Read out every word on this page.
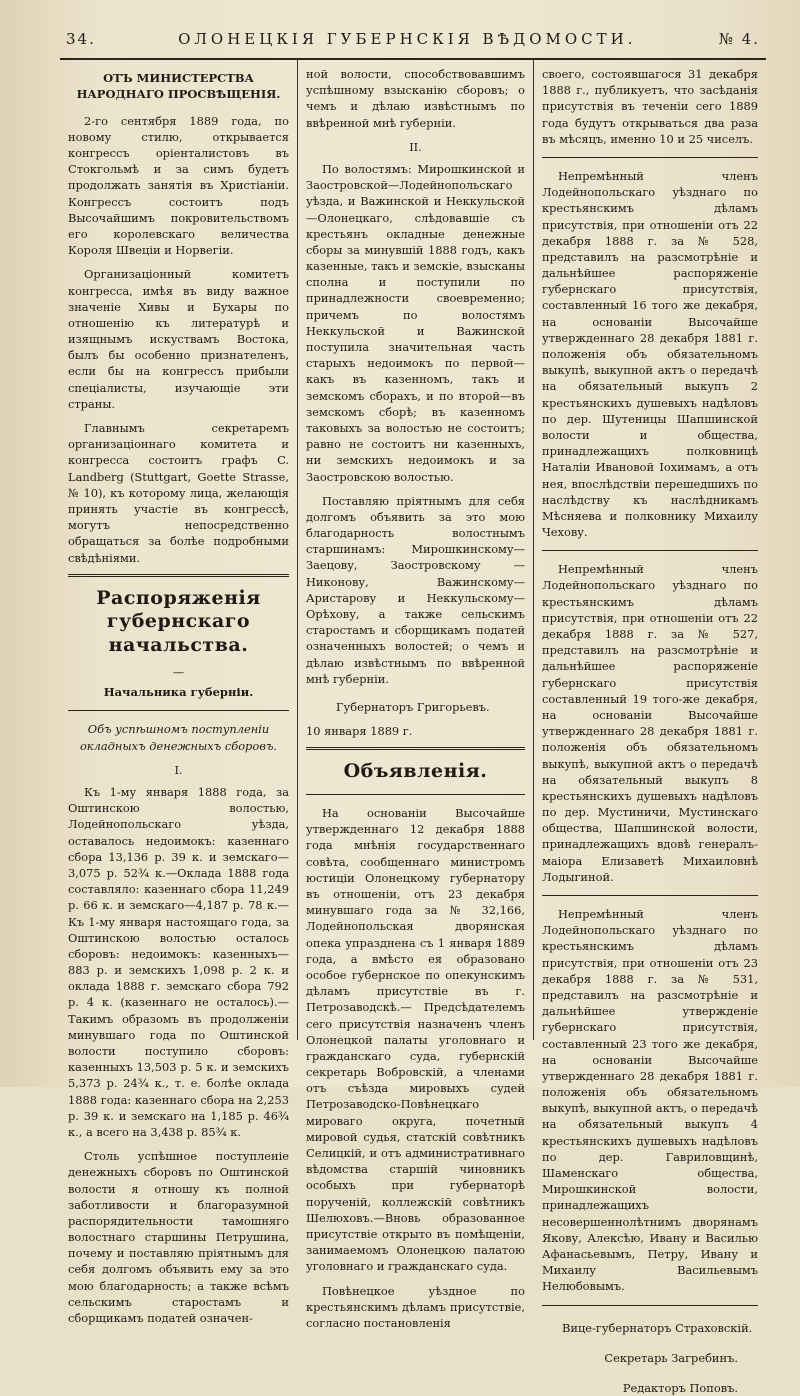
34.	ОЛОНЕЦКІЯ ГУБЕРНСКІЯ ВѢДОМОСТИ.	№ 4.

ОТЪ МИНИСТЕРСТВА НАРОДНАГО ПРОСВѢЩЕНІЯ.

2-го сентября 1889 года, по новому стилю, открывается конгрессъ оріенталистовъ въ Стокгольмѣ и за симъ будетъ продолжать занятія въ Христіаніи. Конгрессъ состоитъ подъ Высочайшимъ покровительствомъ его королевскаго величества Короля Швеціи и Норвегіи.

Организаціонный комитетъ конгресса, имѣя въ виду важное значеніе Хивы и Бухары по отношенію къ литературѣ и изящнымъ искуствамъ Востока, былъ бы особенно признателенъ, если бы на конгрессъ прибыли спеціалисты, изучающіе эти страны.

Главнымъ секретаремъ организаціоннаго комитета и конгресса состоитъ графъ C. Landberg (Stuttgart, Goette Strasse, № 10), къ которому лица, желающія принять участіе въ конгрессѣ, могутъ непосредственно обращаться за болѣе подробными свѣдѣніями.

Распоряженія губернскаго начальства.

—

Начальника губерніи.

Объ успѣшномъ поступленіи окладныхъ денежныхъ сборовъ.

I.

Къ 1-му января 1888 года, за Оштинскою волостью, Лодейнопольскаго уѣзда, оставалось недоимокъ: казеннаго сбора 13,136 р. 39 к. и земскаго—3,075 р. 52¾ к.—Оклада 1888 года составляло: казеннаго сбора 11,249 р. 66 к. и земскаго—4,187 р. 78 к.— Къ 1-му января настоящаго года, за Оштинскою волостью осталось сборовъ: недоимокъ: казенныхъ—883 р. и земскихъ 1,098 р. 2 к. и оклада 1888 г. земскаго сбора 792 р. 4 к. (казеннаго не осталось).—Такимъ образомъ въ продолженіи минувшаго года по Оштинской волости поступило сборовъ: казенныхъ 13,503 р. 5 к. и земскихъ 5,373 р. 24¾ к., т. е. болѣе оклада 1888 года: казеннаго сбора на 2,253 р. 39 к. и земскаго на 1,185 р. 46¾ к., а всего на 3,438 р. 85¾ к.

Столь успѣшное поступленіе денежныхъ сборовъ по Оштинской волости я отношу къ полной заботливости и благоразумной распорядительности тамошняго волостнаго старшины Петрушина, почему и поставляю пріятнымъ для себя долгомъ объявить ему за это мою благодарность; а также всѣмъ сельскимъ старостамъ и сборщикамъ податей означен-

ной волости, способствовавшимъ успѣшному взысканію сборовъ; о чемъ и дѣлаю извѣстнымъ по ввѣренной мнѣ губерніи.

II.

По волостямъ: Мирошкинской и Заостровской—Лодейнопольскаго уѣзда, и Важинской и Неккульской—Олонецкаго, слѣдовавшіе съ крестьянъ окладные денежные сборы за минувшій 1888 годъ, какъ казенные, такъ и земскіе, взысканы сполна и поступили по принадлежности своевременно; причемъ по волостямъ Неккульской и Важинской поступила значительная часть старыхъ недоимокъ по первой—какъ въ казенномъ, такъ и земскомъ сборахъ, и по второй—въ земскомъ сборѣ; въ казенномъ таковыхъ за волостью не состоитъ; равно не состоитъ ни казенныхъ, ни земскихъ недоимокъ и за Заостровскою волостью.

Поставляю пріятнымъ для себя долгомъ объявить за это мою благодарность волостнымъ старшинамъ: Мирошкинскому—Заецову, Заостровскому — Никонову, Важинскому—Аристарову и Неккульскому—Орѣхову, а также сельскимъ старостамъ и сборщикамъ податей означенныхъ волостей; о чемъ и дѣлаю извѣстнымъ по ввѣренной мнѣ губерніи.

Губернаторъ Григорьевъ.

10 января 1889 г.

Объявленія.

На основаніи Высочайше утвержденнаго 12 декабря 1888 года мнѣнія государственнаго совѣта, сообщеннаго министромъ юстиціи Олонецкому губернатору въ отношеніи, отъ 23 декабря минувшаго года за № 32,166, Лодейнопольская дворянская опека упразднена съ 1 января 1889 года, а вмѣсто ея образовано особое губернское по опекунскимъ дѣламъ присутствіе въ г. Петрозаводскѣ.— Предсѣдателемъ сего присутствія назначенъ членъ Олонецкой палаты уголовнаго и гражданскаго суда, губернскій секретарь Вобровскій, а членами отъ съѣзда мировыхъ судей Петрозаводско-Повѣнецкаго мироваго округа, почетный мировой судья, статскій совѣтникъ Селицкій, и отъ административнаго вѣдомства старшій чиновникъ особыхъ при губернаторѣ порученій, коллежскій совѣтникъ Шелюховъ.—Вновь образованное присутствіе открыто въ помѣщеніи, занимаемомъ Олонецкою палатою уголовнаго и гражданскаго суда.

Повѣнецкое уѣздное по крестьянскимъ дѣламъ присутствіе, согласно постановленія

своего, состоявшагося 31 декабря 1888 г., публикуетъ, что засѣданія присутствія въ теченіи сего 1889 года будутъ открываться два раза въ мѣсяцъ, именно 10 и 25 чиселъ.

Непремѣнный членъ Лодейнопольскаго уѣзднаго по крестьянскимъ дѣламъ присутствія, при отношеніи отъ 22 декабря 1888 г. за № 528, представилъ на разсмотрѣніе и дальнѣйшее распоряженіе губернскаго присутствія, составленный 16 того же декабря, на основаніи Высочайше утвержденнаго 28 декабря 1881 г. положенія объ обязательномъ выкупѣ, выкупной актъ о передачѣ на обязательный выкупъ 2 крестьянскихъ душевыхъ надѣловъ по дер. Шутеницы Шапшинской волости и общества, принадлежащихъ полковницѣ Наталіи Ивановой Іохимамъ, а отъ нея, впослѣдствіи перешедшихъ по наслѣдству къ наслѣдникамъ Мѣсняева и полковнику Михаилу Чехову.

Непремѣнный членъ Лодейнопольскаго уѣзднаго по крестьянскимъ дѣламъ присутствія, при отношеніи отъ 22 декабря 1888 г. за № 527, представилъ на разсмотрѣніе и дальнѣйшее распоряженіе губернскаго присутствія составленный 19 того-же декабря, на основаніи Высочайше утвержденнаго 28 декабря 1881 г. положенія объ обязательномъ выкупѣ, выкупной актъ о передачѣ на обязательный выкупъ 8 крестьянскихъ душевыхъ надѣловъ по дер. Мустиничи, Мустинскаго общества, Шапшинской волости, принадлежащихъ вдовѣ генералъ-маіора Елизаветѣ Михаиловнѣ Лодыгиной.

Непремѣнный членъ Лодейнопольскаго уѣзднаго по крестьянскимъ дѣламъ присутствія, при отношеніи отъ 23 декабря 1888 г. за № 531, представилъ на разсмотрѣніе и дальнѣйшее утвержденіе губернскаго присутствія, составленный 23 того же декабря, на основаніи Высочайше утвержденнаго 28 декабря 1881 г. положенія объ обязательномъ выкупѣ, выкупной актъ, о передачѣ на обязательный выкупъ 4 крестьянскихъ душевыхъ надѣловъ по дер. Гавриловщинѣ, Шаменскаго общества, Мирошкинской волости, принадлежащихъ несовершеннолѣтнимъ дворянамъ Якову, Алексѣю, Ивану и Василью Афанасьевымъ, Петру, Ивану и Михаилу Васильевымъ Нелюбовымъ.

Вице-губернаторъ Страховскій.

Секретарь Загребинъ.

Редакторъ Поповъ.
